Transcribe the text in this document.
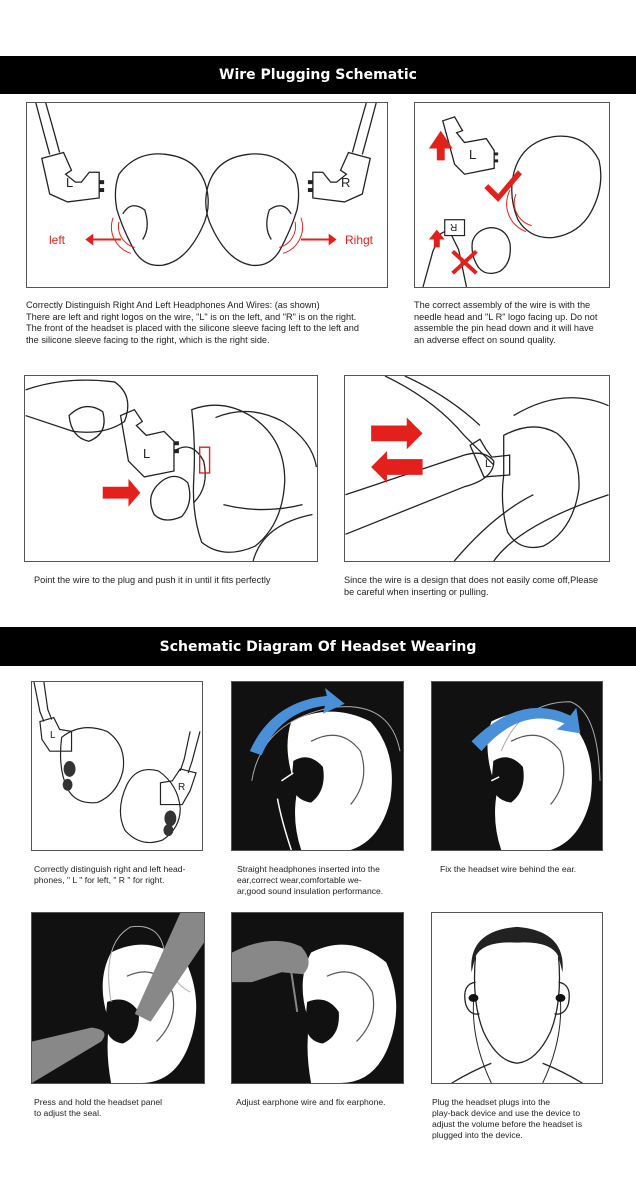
Wire Plugging Schematic
L	R
left	Rihgt
Correctly Distinguish Right And Left Headphones And Wires: (as shown)
There are left and right logos on the wire, "L" is on the left, and "R" is on the right.
The front of the headset is placed with the silicone sleeve facing left to the left and
the silicone sleeve facing to the right, which is the right side.
L
R
The correct assembly of the wire is with the
needle head and "L R" logo facing up. Do not
assemble the pin head down and it will have
an adverse effect on sound quality.
L
Point the wire to the plug and push it in until it fits perfectly
L
Since the wire is a design that does not easily come off,Please
be careful when inserting or pulling.
Schematic Diagram Of Headset Wearing
L
R
Correctly distinguish right and left head-
phones, " L " for left, " R " for right.
Straight headphones inserted into the
ear,correct wear,comfortable we-
ar,good sound insulation performance.
Fix the headset wire behind the ear.
Press and hold the headset panel
to adjust the seal.
Adjust earphone wire and fix earphone.	Plug the headset plugs into the
play-back device and use the device to
adjust the volume before the headset is
plugged into the device.
